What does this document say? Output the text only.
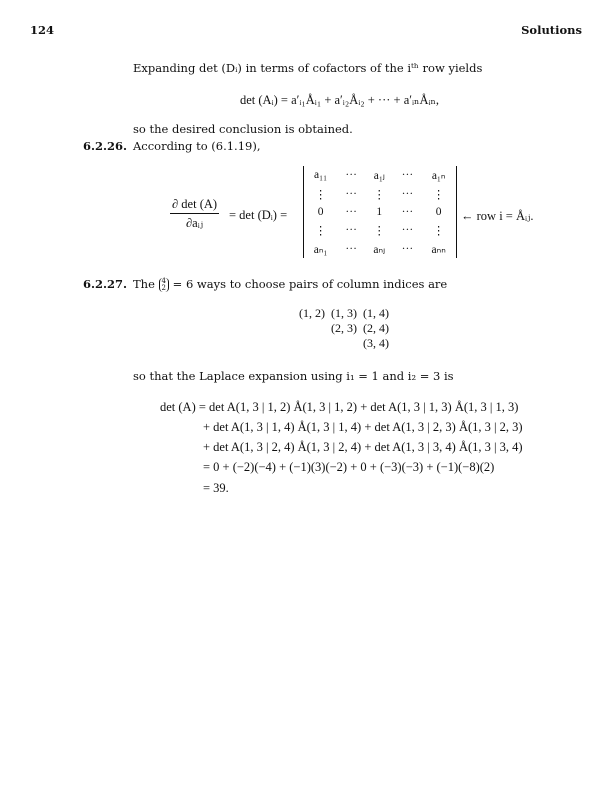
124	Solutions
Expanding det (Dᵢ) in terms of cofactors of the iᵗʰ row yields
det (Aᵢ) = a′ᵢ₁Åᵢ₁ + a′ᵢ₂Åᵢ₂ + ··· + a′ᵢₙÅᵢₙ,
so the desired conclusion is obtained.
6.2.26. According to (6.1.19),
$\frac{\partial \det (A)}{\text{∂aᵢⱼ}} = \det$ (Dᵢ) =
a₁₁	···	a₁ⱼ	···	a₁ₙ
⋮	···	⋮	···	⋮
0	···	1	···	0
⋮	···	⋮	···	⋮
aₙ₁	···	aₙⱼ	···	aₙₙ
← row i = Åᵢⱼ.
6.2.27. The 4
2 = 6 ways to choose pairs of column indices are
(1, 2)	(1, 3)	(1, 4)
	(2, 3)	(2, 4)
		(3, 4)
so that the Laplace expansion using i₁ = 1 and i₂ = 3 is
det (A) = det A(1, 3 | 1, 2) Å(1, 3 | 1, 2) + det A(1, 3 | 1, 3) Å(1, 3 | 1, 3)
+ det A(1, 3 | 1, 4) Å(1, 3 | 1, 4) + det A(1, 3 | 2, 3) Å(1, 3 | 2, 3)
+ det A(1, 3 | 2, 4) Å(1, 3 | 2, 4) + det A(1, 3 | 3, 4) Å(1, 3 | 3, 4)
= 0 + (−2)(−4) + (−1)(3)(−2) + 0 + (−3)(−3) + (−1)(−8)(2)
= 39.
